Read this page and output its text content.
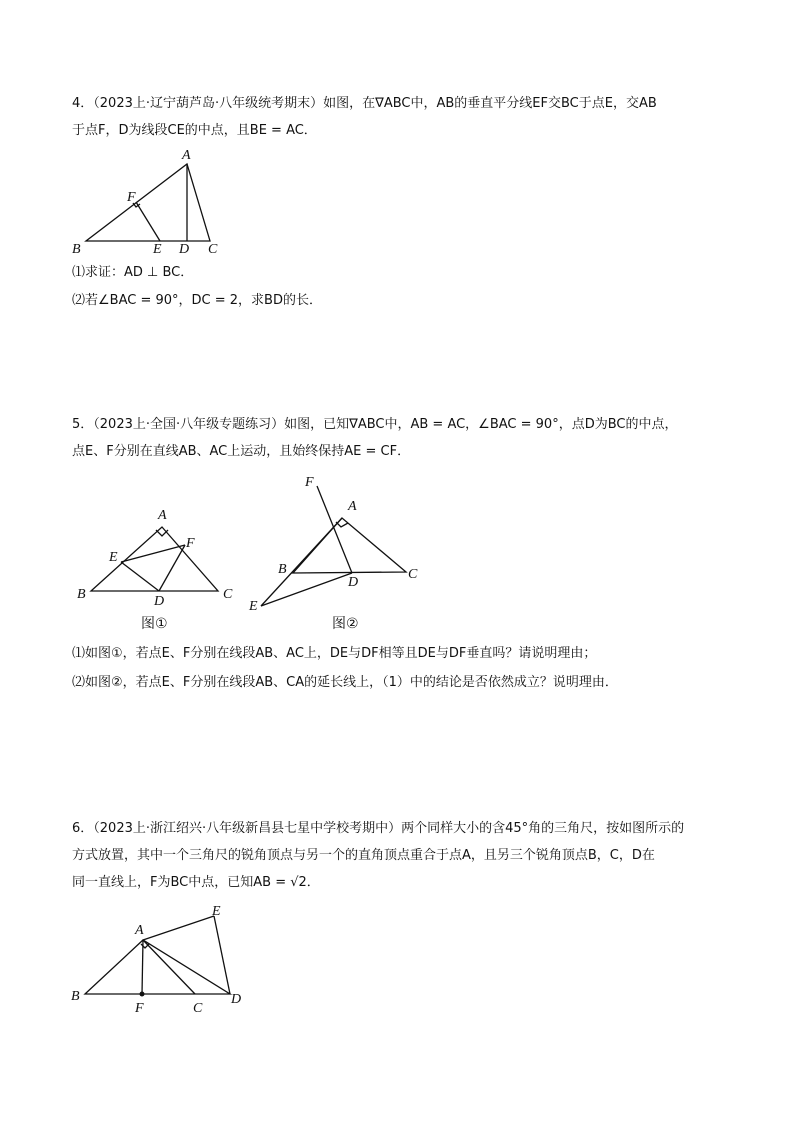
4．（2023上·辽宁葫芦岛·八年级统考期末）如图，在∇ABC中，AB的垂直平分线EF交BC于点E，交AB
于点F，D为线段CE的中点，且BE = AC．
A
F
B	E D C
⑴求证：AD ⊥ BC．
⑵若∠BAC = 90°，DC = 2，求BD的长．
5．（2023上·全国·八年级专题练习）如图，已知∇ABC中，AB = AC，∠BAC = 90°，点D为BC的中点，
点E、F分别在直线AB、AC上运动，且始终保持AE = CF．
A
E
F
B	D	C
图①
F
A
B
D
C
E
图②
⑴如图①，若点E、F分别在线段AB、AC上，DE与DF相等且DE与DF垂直吗？请说明理由；
⑵如图②，若点E、F分别在线段AB、CA的延长线上，（1）中的结论是否依然成立？说明理由．
6．（2023上·浙江绍兴·八年级新昌县七星中学校考期中）两个同样大小的含45°角的三角尺，按如图所示的
方式放置，其中一个三角尺的锐角顶点与另一个的直角顶点重合于点A，且另三个锐角顶点B，C，D在
同一直线上，F为BC中点，已知AB = √2．
A
E
B
F	C
D
